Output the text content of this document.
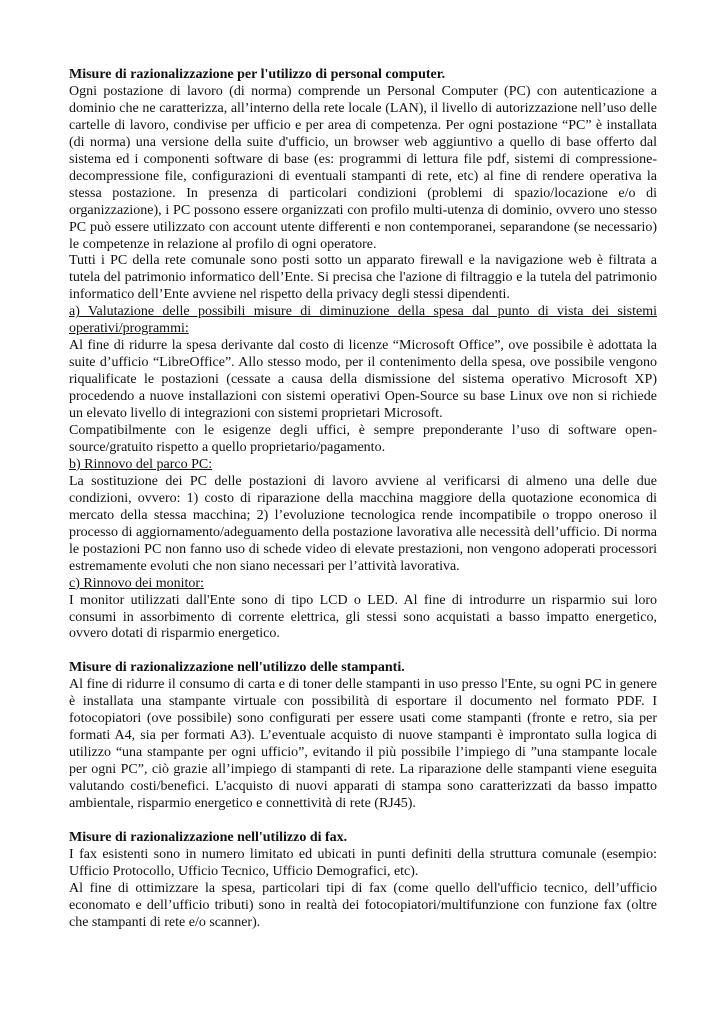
Misure di razionalizzazione per l'utilizzo di personal computer.

Ogni postazione di lavoro (di norma) comprende un Personal Computer (PC) con autenticazione a dominio che ne caratterizza, all’interno della rete locale (LAN), il livello di autorizzazione nell’uso delle cartelle di lavoro, condivise per ufficio e per area di competenza. Per ogni postazione “PC” è installata (di norma) una versione della suite d'ufficio, un browser web aggiuntivo a quello di base offerto dal sistema ed i componenti software di base (es: programmi di lettura file pdf, sistemi di compressione-decompressione file, configurazioni di eventuali stampanti di rete, etc) al fine di rendere operativa la stessa postazione. In presenza di particolari condizioni (problemi di spazio/locazione e/o di organizzazione), i PC possono essere organizzati con profilo multi-utenza di dominio, ovvero uno stesso PC può essere utilizzato con account utente differenti e non contemporanei, separandone (se necessario) le competenze in relazione al profilo di ogni operatore.

Tutti i PC della rete comunale sono posti sotto un apparato firewall e la navigazione web è filtrata a tutela del patrimonio informatico dell’Ente. Si precisa che l'azione di filtraggio e la tutela del patrimonio informatico dell’Ente avviene nel rispetto della privacy degli stessi dipendenti.

a) Valutazione delle possibili misure di diminuzione della spesa dal punto di vista dei sistemi operativi/programmi:

Al fine di ridurre la spesa derivante dal costo di licenze “Microsoft Office”, ove possibile è adottata la suite d’ufficio “LibreOffice”. Allo stesso modo, per il contenimento della spesa, ove possibile vengono riqualificate le postazioni (cessate a causa della dismissione del sistema operativo Microsoft XP) procedendo a nuove installazioni con sistemi operativi Open-Source su base Linux ove non si richiede un elevato livello di integrazioni con sistemi proprietari Microsoft.

Compatibilmente con le esigenze degli uffici, è sempre preponderante l’uso di software open-source/gratuito rispetto a quello proprietario/pagamento.

b) Rinnovo del parco PC:

La sostituzione dei PC delle postazioni di lavoro avviene al verificarsi di almeno una delle due condizioni, ovvero: 1) costo di riparazione della macchina maggiore della quotazione economica di mercato della stessa macchina; 2) l’evoluzione tecnologica rende incompatibile o troppo oneroso il processo di aggiornamento/adeguamento della postazione lavorativa alle necessità dell’ufficio. Di norma le postazioni PC non fanno uso di schede video di elevate prestazioni, non vengono adoperati processori estremamente evoluti che non siano necessari per l’attività lavorativa.

c) Rinnovo dei monitor:

I monitor utilizzati dall'Ente sono di tipo LCD o LED. Al fine di introdurre un risparmio sui loro consumi in assorbimento di corrente elettrica, gli stessi sono acquistati a basso impatto energetico, ovvero dotati di risparmio energetico.

Misure di razionalizzazione nell'utilizzo delle stampanti.

Al fine di ridurre il consumo di carta e di toner delle stampanti in uso presso l'Ente, su ogni PC in genere è installata una stampante virtuale con possibilità di esportare il documento nel formato PDF. I fotocopiatori (ove possibile) sono configurati per essere usati come stampanti (fronte e retro, sia per formati A4, sia per formati A3). L’eventuale acquisto di nuove stampanti è improntato sulla logica di utilizzo “una stampante per ogni ufficio”, evitando il più possibile l’impiego di ”una stampante locale per ogni PC”, ciò grazie all’impiego di stampanti di rete. La riparazione delle stampanti viene eseguita valutando costi/benefici. L'acquisto di nuovi apparati di stampa sono caratterizzati da basso impatto ambientale, risparmio energetico e connettività di rete (RJ45).

Misure di razionalizzazione nell'utilizzo di fax.

I fax esistenti sono in numero limitato ed ubicati in punti definiti della struttura comunale (esempio: Ufficio Protocollo, Ufficio Tecnico, Ufficio Demografici, etc).

Al fine di ottimizzare la spesa, particolari tipi di fax (come quello dell'ufficio tecnico, dell’ufficio economato e dell’ufficio tributi) sono in realtà dei fotocopiatori/multifunzione con funzione fax (oltre che stampanti di rete e/o scanner).
